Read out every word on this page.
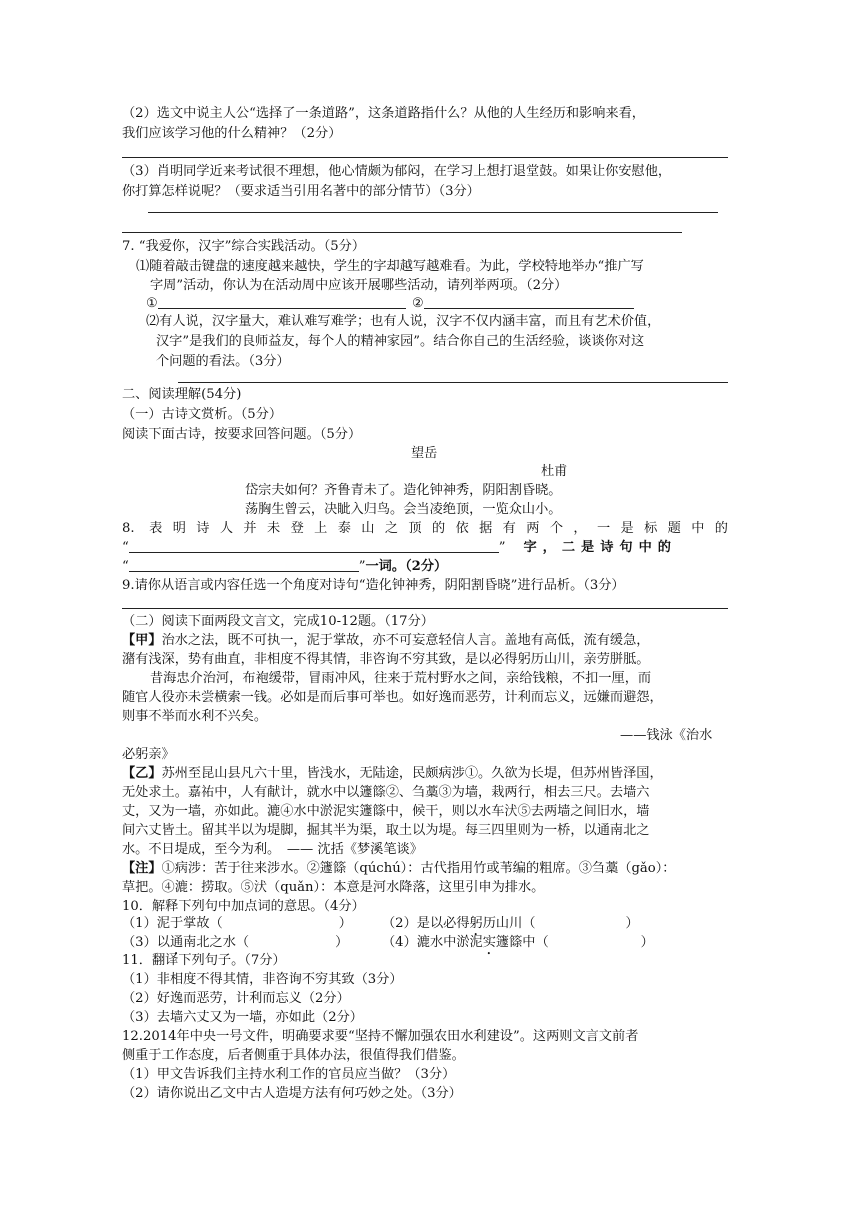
（2）选文中说主人公“选择了一条道路”，这条道路指什么？从他的人生经历和影响来看，
我们应该学习他的什么精神？（2分）
（3）肖明同学近来考试很不理想，他心情颇为郁闷，在学习上想打退堂鼓。如果让你安慰他，
你打算怎样说呢？（要求适当引用名著中的部分情节）（3分）
7. “我爱你，汉字”综合实践活动。（5分）
⑴随着敲击键盘的速度越来越快，学生的字却越写越难看。为此，学校特地举办“推广写
字周”活动，你认为在活动周中应该开展哪些活动，请列举两项。（2分）
①	②
⑵有人说，汉字量大，难认难写难学；也有人说，汉字不仅内涵丰富，而且有艺术价值，
汉字”是我们的良师益友，每个人的精神家园”。结合你自己的生活经验，谈谈你对这
个问题的看法。（3分）
二、阅读理解(54分)
（一）古诗文赏析。（5分）
阅读下面古诗，按要求回答问题。（5分）
望岳
杜甫
岱宗夫如何？齐鲁青未了。造化钟神秀，阴阳割昏晓。
荡胸生曾云，决眦入归鸟。会当凌绝顶，一览众山小。
8. 表明诗人并未登上泰山之顶的依据有两个，一是标题中的
“	” 字，二是诗句中的
“	”一词。（2分）
9.请你从语言或内容任选一个角度对诗句“造化钟神秀，阴阳割昏晓”进行品析。（3分）
（二）阅读下面两段文言文，完成10-12题。（17分）
【甲】治水之法，既不可执一，泥于掌故，亦不可妄意轻信人言。盖地有高低，流有缓急，
潴有浅深，势有曲直，非相度不得其情，非咨询不穷其致，是以必得躬历山川，亲劳胼胝。
昔海忠介治河，布袍缓带，冒雨冲风，往来于荒村野水之间，亲给钱粮，不扣一厘，而
随官人役亦未尝横索一钱。必如是而后事可举也。如好逸而恶劳，计利而忘义，远嫌而避怨，
则事不举而水利不兴矣。
——钱泳《治水
必躬亲》
【乙】苏州至昆山县凡六十里，皆浅水，无陆途，民颇病涉①。久欲为长堤，但苏州皆泽国，
无处求土。嘉祐中，人有献计，就水中以籧篨②、刍藁③为墙，栽两行，相去三尺。去墙六
丈，又为一墙，亦如此。漉④水中淤泥实籧篨中，候干，则以水车汱⑤去两墙之间旧水，墙
间六丈皆土。留其半以为堤脚，掘其半为渠，取土以为堤。每三四里则为一桥，以通南北之
水。不日堤成，至今为利。　—— 沈括《梦溪笔谈》
【注】①病涉：苦于往来涉水。②籧篨（qúchú）：古代指用竹或苇编的粗席。③刍藁（gǎo）：
草把。④漉：捞取。⑤汱（quǎn）：本意是河水降落，这里引申为排水。
10．解释下列句中加点词的意思。（4分）
（1）泥于掌故（	） （2）是以必得躬历山川（	）
（3）以通南北之水（	）	（4）漉水中淤泥实籧篨中（	）
11．翻译下列句子。（7分）
（1）非相度不得其情，非咨询不穷其致（3分）
（2）好逸而恶劳，计利而忘义（2分）
（3）去墙六丈又为一墙，亦如此（2分）
12.2014年中央一号文件，明确要求要“坚持不懈加强农田水利建设”。这两则文言文前者
侧重于工作态度，后者侧重于具体办法，很值得我们借鉴。
（1）甲文告诉我们主持水利工作的官员应当做？（3分）
（2）请你说出乙文中古人造堤方法有何巧妙之处。（3分）
